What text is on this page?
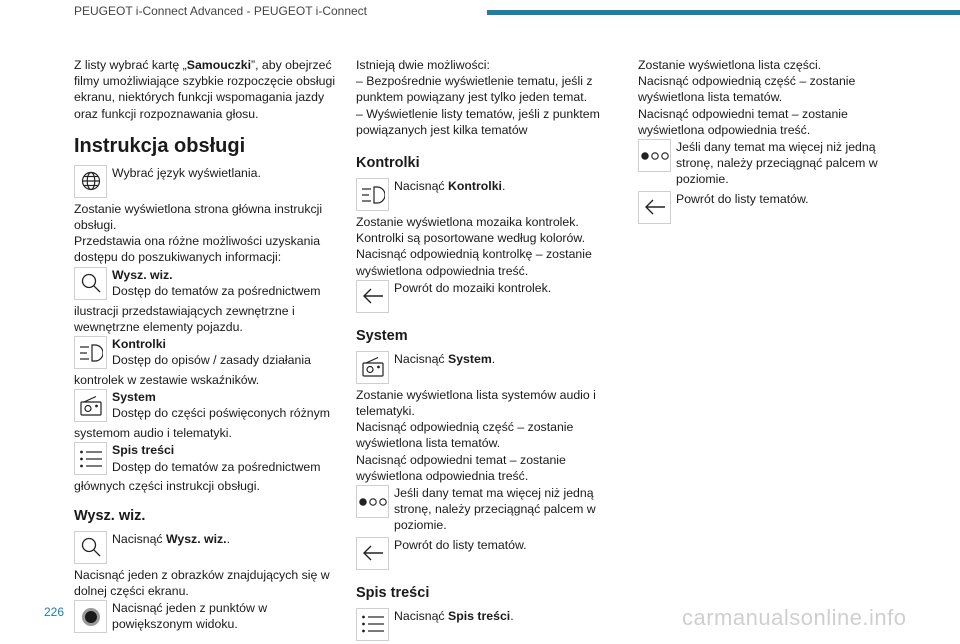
PEUGEOT i-Connect Advanced - PEUGEOT i-Connect

Z listy wybrać kartę „Samouczki”, aby obejrzeć filmy umożliwiające szybkie rozpoczęcie obsługi ekranu, niektórych funkcji wspomagania jazdy oraz funkcji rozpoznawania głosu.

Instrukcja obsługi
Wybrać język wyświetlania.

Zostanie wyświetlona strona główna instrukcji obsługi.

Przedstawia ona różne możliwości uzyskania dostępu do poszukiwanych informacji:

Wysz. wiz.
Dostęp do tematów za pośrednictwem

ilustracji przedstawiających zewnętrzne i wewnętrzne elementy pojazdu.

Kontrolki
Dostęp do opisów / zasady działania

kontrolek w zestawie wskaźników.

System
Dostęp do części poświęconych różnym

systemom audio i telematyki.

Spis treści
Dostęp do tematów za pośrednictwem

głównych części instrukcji obsługi.

Wysz. wiz.
Nacisnąć Wysz. wiz..

Nacisnąć jeden z obrazków znajdujących się w dolnej części ekranu.

Nacisnąć jeden z punktów w powiększonym widoku.

Istnieją dwie możliwości:

– Bezpośrednie wyświetlenie tematu, jeśli z punktem powiązany jest tylko jeden temat.

– Wyświetlenie listy tematów, jeśli z punktem powiązanych jest kilka tematów

Kontrolki
Nacisnąć Kontrolki.

Zostanie wyświetlona mozaika kontrolek. Kontrolki są posortowane według kolorów. Nacisnąć odpowiednią kontrolkę – zostanie wyświetlona odpowiednia treść.

Powrót do mozaiki kontrolek.
System
Nacisnąć System.

Zostanie wyświetlona lista systemów audio i telematyki.

Nacisnąć odpowiednią część – zostanie wyświetlona lista tematów.

Nacisnąć odpowiedni temat – zostanie wyświetlona odpowiednia treść.

Jeśli dany temat ma więcej niż jedną stronę, należy przeciągnąć palcem w poziomie.
Powrót do listy tematów.
Spis treści
Nacisnąć Spis treści.

Zostanie wyświetlona lista części.

Nacisnąć odpowiednią część – zostanie wyświetlona lista tematów.

Nacisnąć odpowiedni temat – zostanie wyświetlona odpowiednia treść.

Jeśli dany temat ma więcej niż jedną stronę, należy przeciągnąć palcem w poziomie.
Powrót do listy tematów.
226	carmanualsonline.info
